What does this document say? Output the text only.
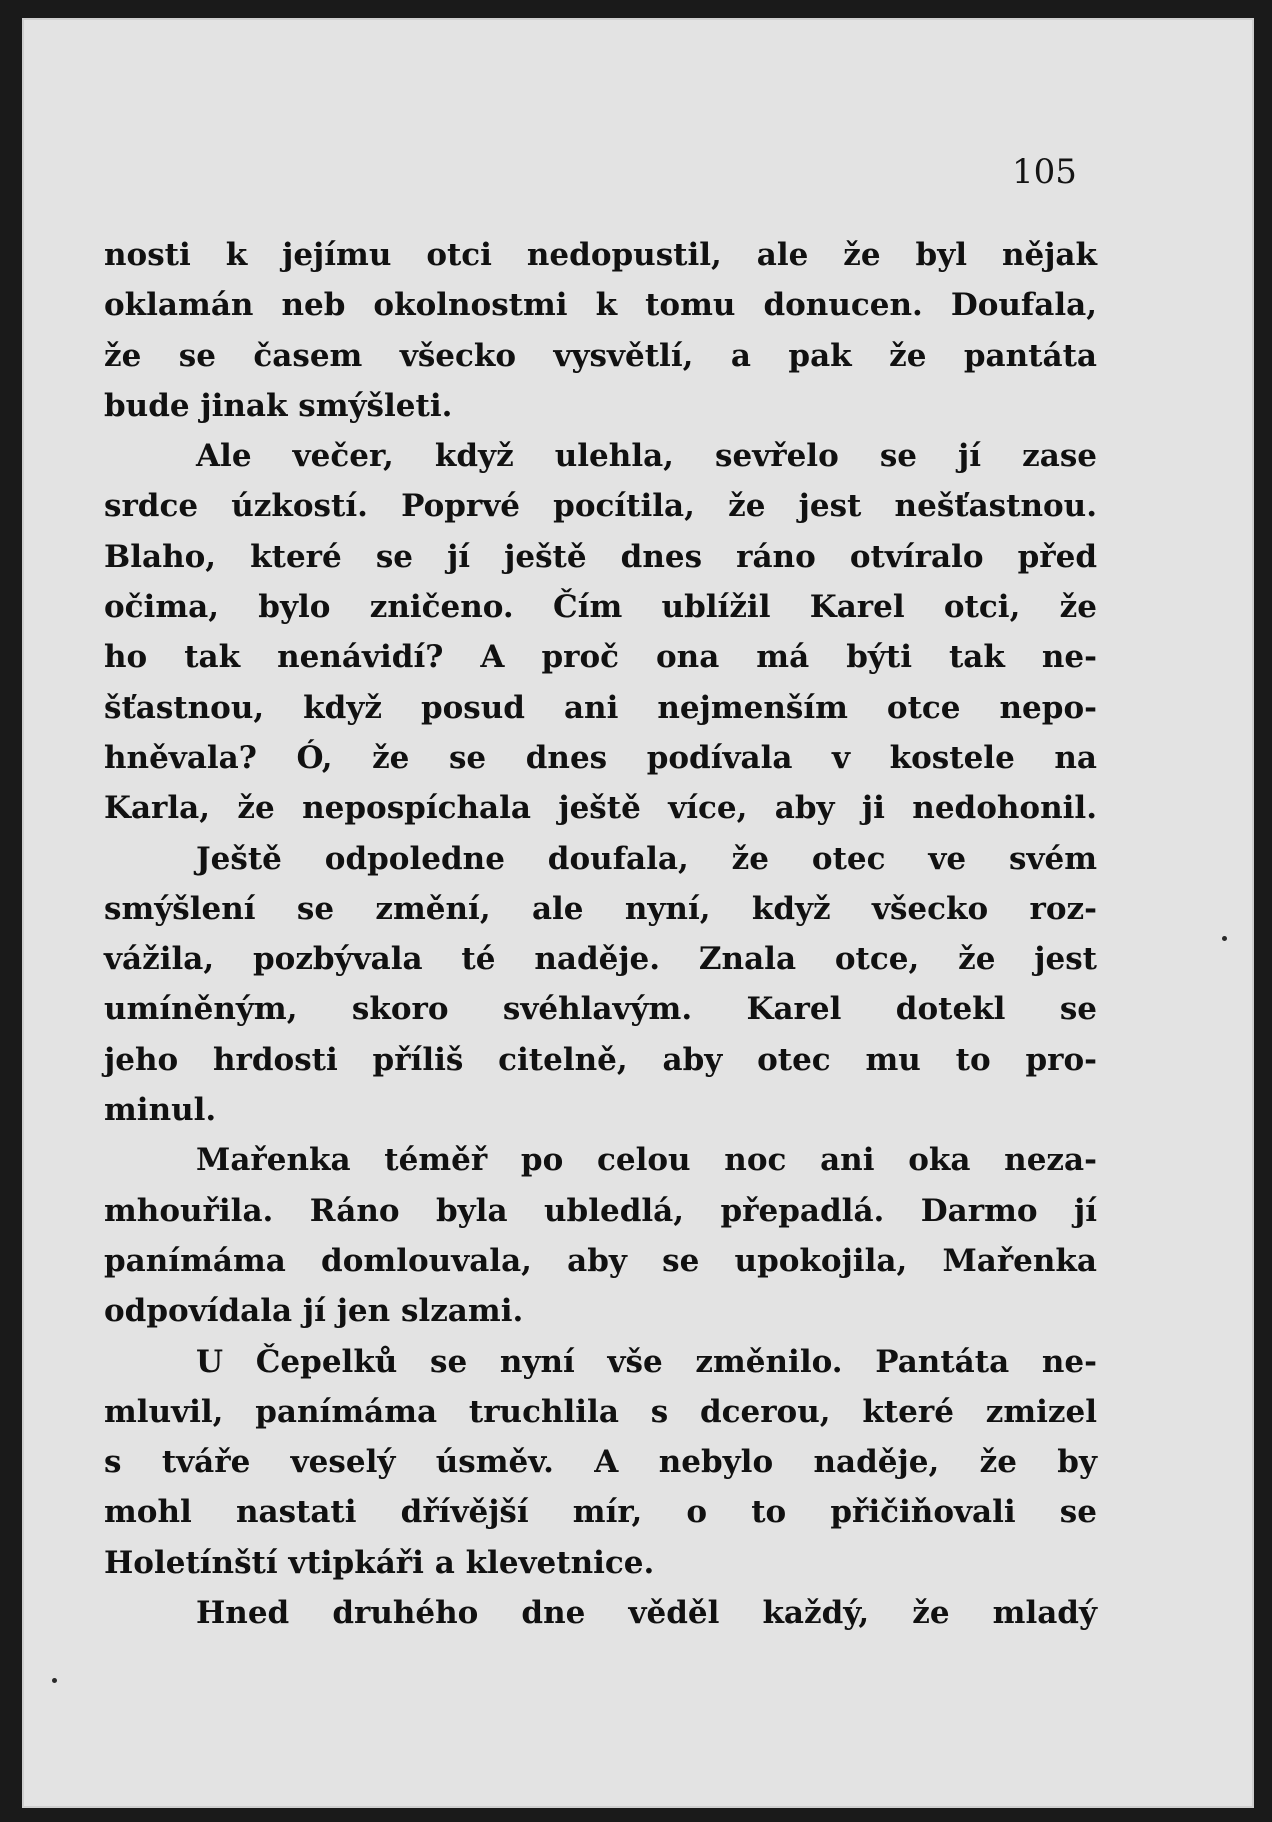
105
nosti k jejímu otci nedopustil, ale že byl nějak
oklamán neb okolnostmi k tomu donucen. Doufala,
že se časem všecko vysvětlí, a pak že pantáta
bude jinak smýšleti.
Ale večer, když ulehla, sevřelo se jí zase
srdce úzkostí. Poprvé pocítila, že jest nešťastnou.
Blaho, které se jí ještě dnes ráno otvíralo před
očima, bylo zničeno. Čím ublížil Karel otci, že
ho tak nenávidí? A proč ona má býti tak ne-
šťastnou, když posud ani nejmenším otce nepo-
hněvala? Ó, že se dnes podívala v kostele na
Karla, že nepospíchala ještě více, aby ji nedohonil.
Ještě odpoledne doufala, že otec ve svém
smýšlení se změní, ale nyní, když všecko roz-
vážila, pozbývala té naděje. Znala otce, že jest
umíněným, skoro svéhlavým. Karel dotekl se
jeho hrdosti příliš citelně, aby otec mu to pro-
minul.
Mařenka téměř po celou noc ani oka neza-
mhouřila. Ráno byla ubledlá, přepadlá. Darmo jí
panímáma domlouvala, aby se upokojila, Mařenka
odpovídala jí jen slzami.
U Čepelků se nyní vše změnilo. Pantáta ne-
mluvil, panímáma truchlila s dcerou, které zmizel
s tváře veselý úsměv. A nebylo naděje, že by
mohl nastati dřívější mír, o to přičiňovali se
Holetínští vtipkáři a klevetnice.
Hned druhého dne věděl každý, že mladý
